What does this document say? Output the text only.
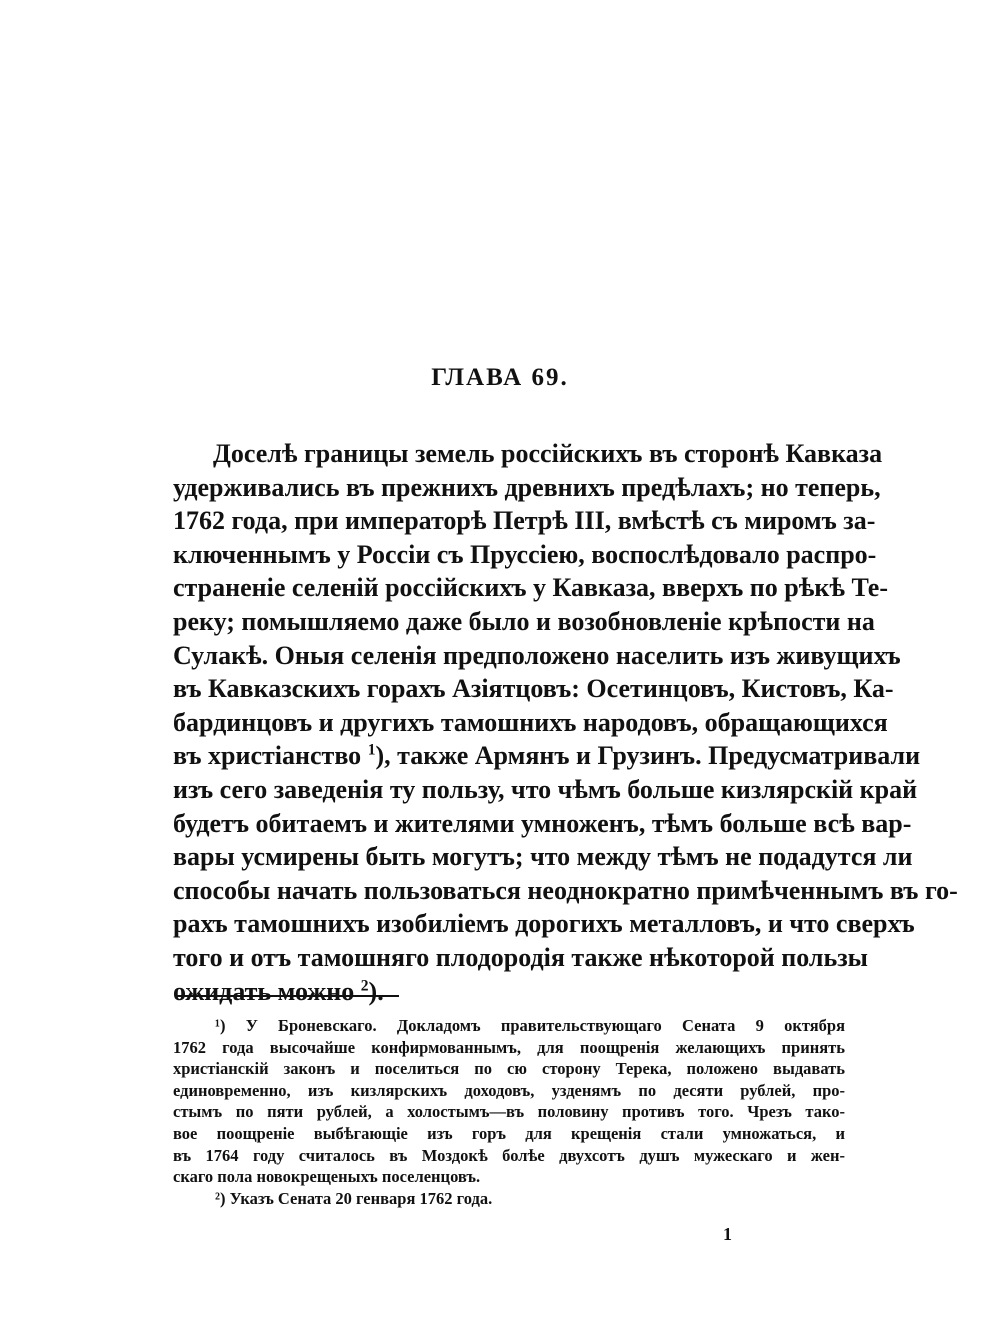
ГЛАВА 69.
Доселѣ границы земель россійскихъ въ сторонѣ Кавказа
удерживались въ прежнихъ древнихъ предѣлахъ; но теперь,
1762 года, при императорѣ Петрѣ III, вмѣстѣ съ миромъ за-
ключеннымъ у Россіи съ Пруссіею, воспослѣдовало распро-
страненіе селеній россійскихъ у Кавказа, вверхъ по рѣкѣ Те-
реку; помышляемо даже было и возобновленіе крѣпости на
Сулакѣ. Оныя селенія предположено населить изъ живущихъ
въ Кавказскихъ горахъ Азіятцовъ: Осетинцовъ, Кистовъ, Ка-
бардинцовъ и другихъ тамошнихъ народовъ, обращающихся
въ христіанство $^1$), также Армянъ и Грузинъ. Предусматривали
изъ сего заведенія ту пользу, что чѣмъ больше кизлярскій край
будетъ обитаемъ и жителями умноженъ, тѣмъ больше всѣ вар-
вары усмирены быть могутъ; что между тѣмъ не подадутся ли
способы начать пользоваться неоднократно примѣченнымъ въ го-
рахъ тамошнихъ изобиліемъ дорогихъ металловъ, и что сверхъ
того и отъ тамошняго плодородія также нѣкоторой пользы
ожидать можно $^2$).
¹) У Броневскаго. Докладомъ правительствующаго Сената 9 октября
1762 года высочайше конфирмованнымъ, для поощренія желающихъ принять
христіанскій законъ и поселиться по сю сторону Терека, положено выдавать
единовременно, изъ кизлярскихъ доходовъ, узденямъ по десяти рублей, про-
стымъ по пяти рублей, а холостымъ—въ половину противъ того. Чрезъ тако-
вое поощреніе выбѣгающіе изъ горъ для крещенія стали умножаться, и
въ 1764 году считалось въ Моздокѣ болѣе двухсотъ душъ мужескаго и жен-
скаго пола новокрещеныхъ поселенцовъ.
²) Указъ Сената 20 генваря 1762 года.
1
